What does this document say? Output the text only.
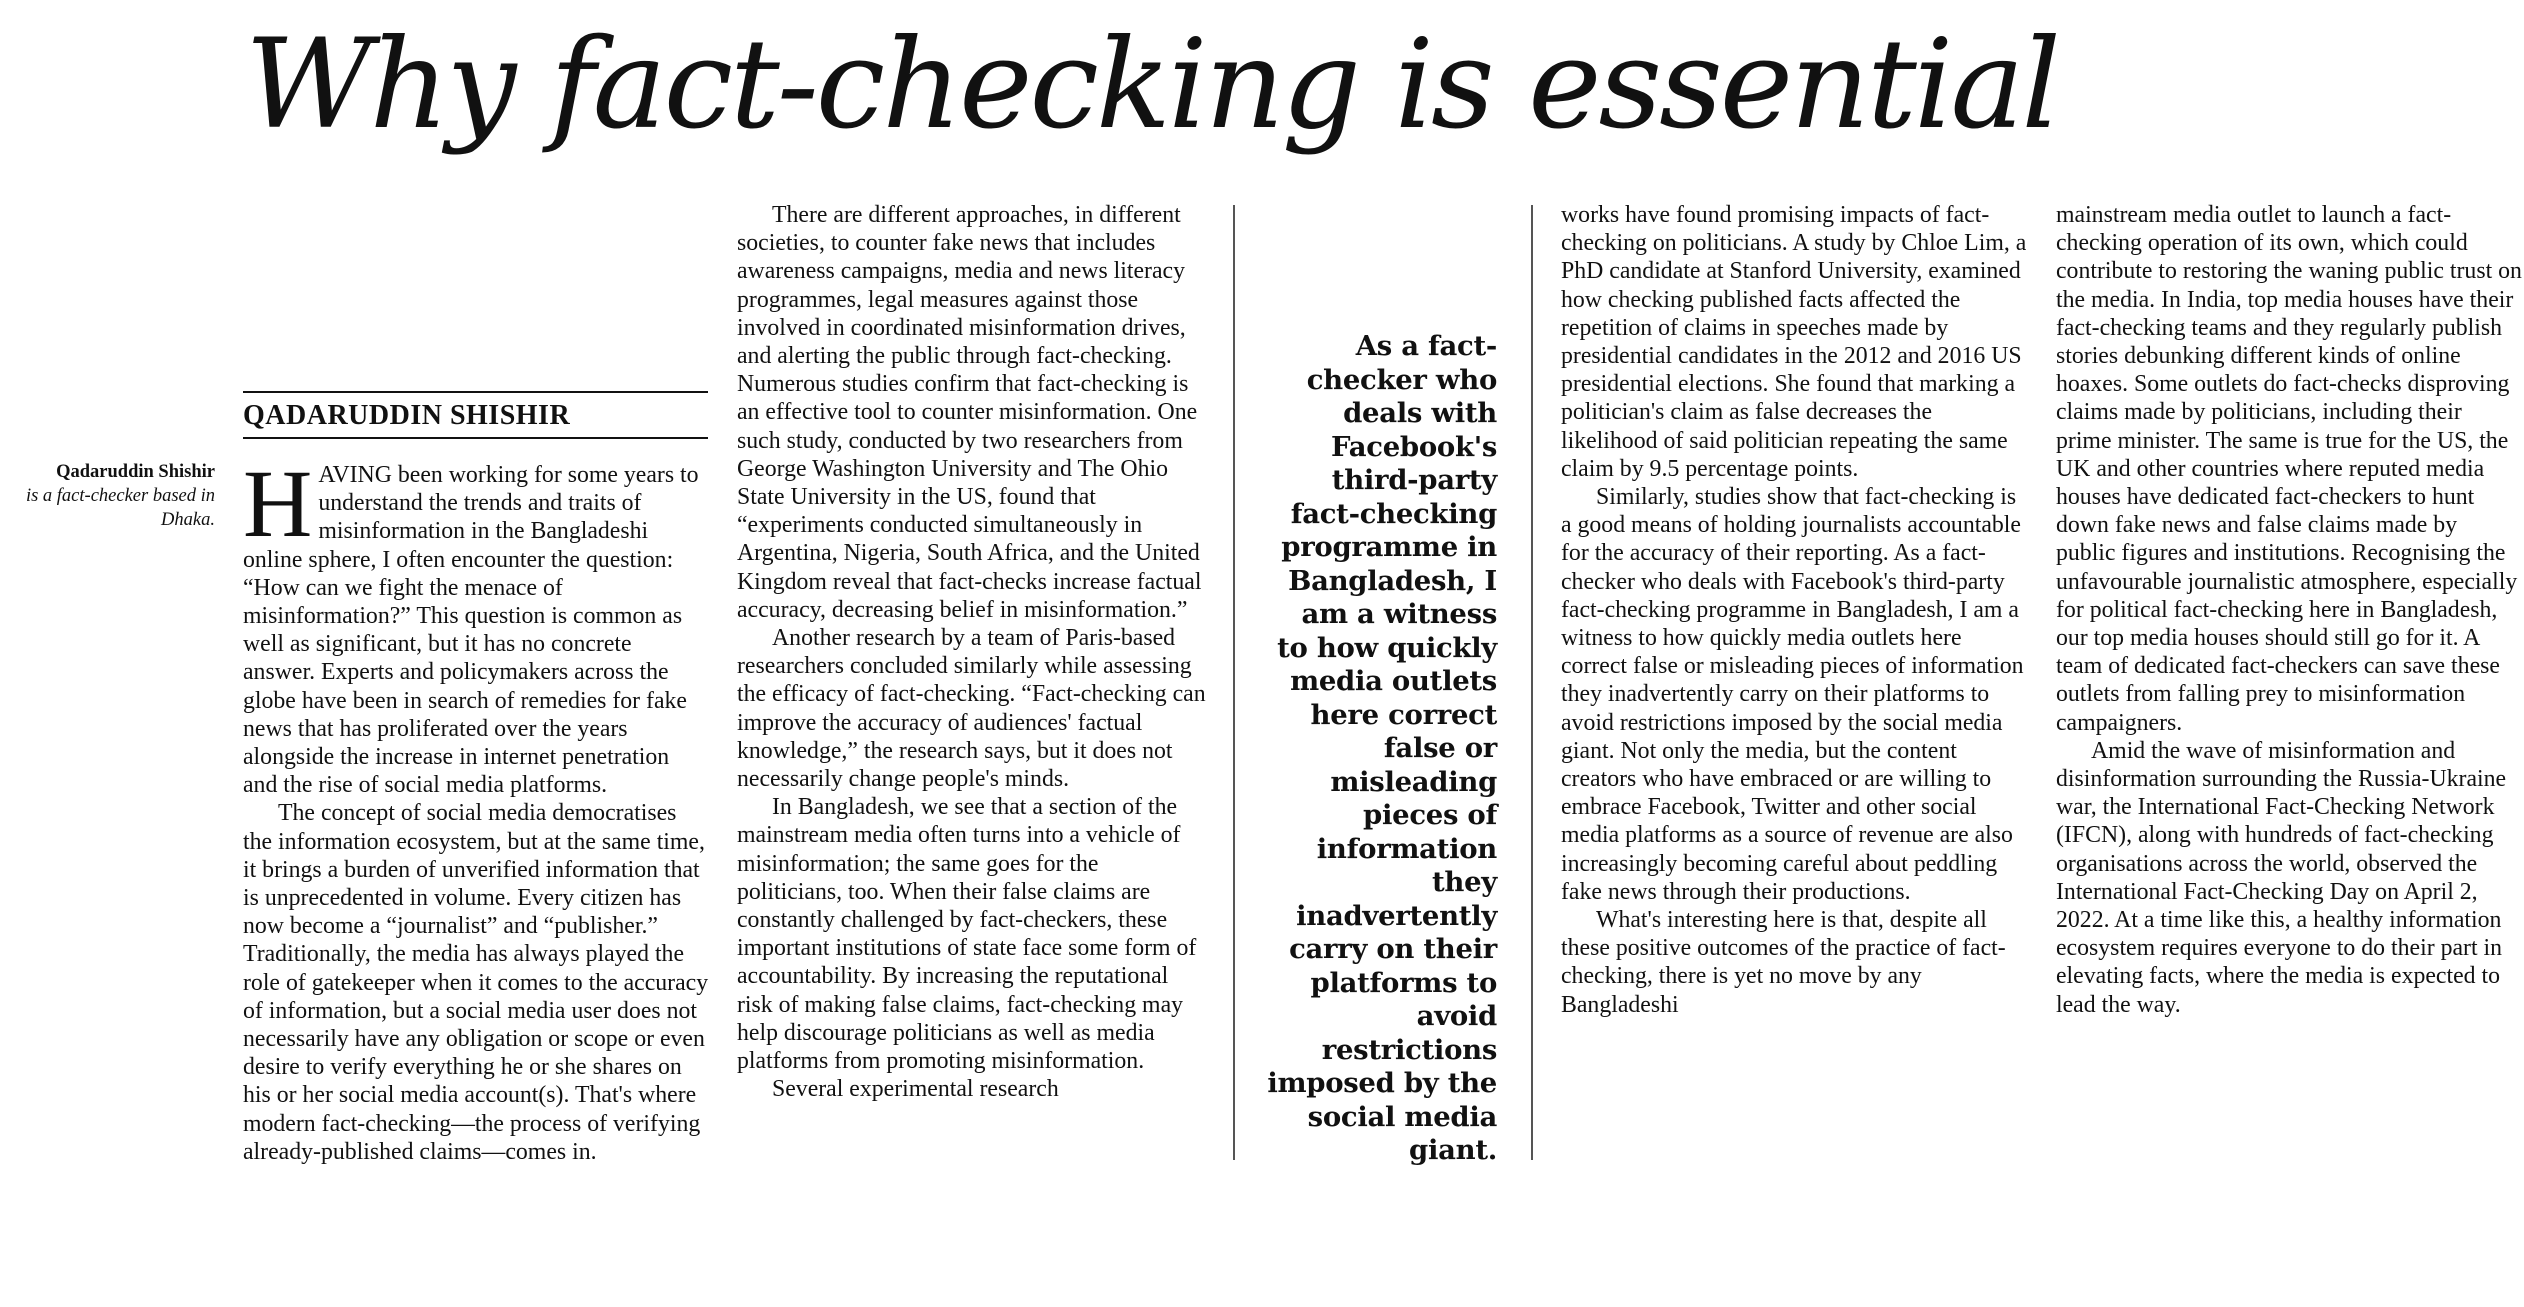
Why fact-checking is essential
QADARUDDIN SHISHIR
Qadaruddin Shishir
is a fact-checker based in Dhaka. HAVING been working for some years to understand the trends and traits of misinformation in the Bangladeshi online sphere, I often encounter the question: “How can we fight the menace of misinformation?” This question is common as well as significant, but it has no concrete answer. Experts and policymakers across the globe have been in search of remedies for fake news that has proliferated over the years alongside the increase in internet penetration and the rise of social media platforms.

The concept of social media democratises the information ecosystem, but at the same time, it brings a burden of unverified information that is unprecedented in volume. Every citizen has now become a “journalist” and “publisher.” Traditionally, the media has always played the role of gatekeeper when it comes to the accuracy of information, but a social media user does not necessarily have any obligation or scope or even desire to verify everything he or she shares on his or her social media account(s). That's where modern fact-checking—the process of verifying already-published claims—comes in.

There are different approaches, in different societies, to counter fake news that includes awareness campaigns, media and news literacy programmes, legal measures against those involved in coordinated misinformation drives, and alerting the public through fact-checking. Numerous studies confirm that fact-checking is an effective tool to counter misinformation. One such study, conducted by two researchers from George Washington University and The Ohio State University in the US, found that “experiments conducted simultaneously in Argentina, Nigeria, South Africa, and the United Kingdom reveal that fact-checks increase factual accuracy, decreasing belief in misinformation.”

Another research by a team of Paris-based researchers concluded similarly while assessing the efficacy of fact-checking. “Fact-checking can improve the accuracy of audiences' factual knowledge,” the research says, but it does not necessarily change people's minds.

In Bangladesh, we see that a section of the mainstream media often turns into a vehicle of misinformation; the same goes for the politicians, too. When their false claims are constantly challenged by fact-checkers, these important institutions of state face some form of accountability. By increasing the reputational risk of making false claims, fact-checking may help discourage politicians as well as media platforms from promoting misinformation.

Several experimental research

As a fact-checker who deals with Facebook's third-party fact-checking programme in Bangladesh, I am a witness to how quickly media outlets here correct false or misleading pieces of information they inadvertently carry on their platforms to avoid restrictions imposed by the social media giant.

works have found promising impacts of fact-checking on politicians. A study by Chloe Lim, a PhD candidate at Stanford University, examined how checking published facts affected the repetition of claims in speeches made by presidential candidates in the 2012 and 2016 US presidential elections. She found that marking a politician's claim as false decreases the likelihood of said politician repeating the same claim by 9.5 percentage points.

Similarly, studies show that fact-checking is a good means of holding journalists accountable for the accuracy of their reporting. As a fact-checker who deals with Facebook's third-party fact-checking programme in Bangladesh, I am a witness to how quickly media outlets here correct false or misleading pieces of information they inadvertently carry on their platforms to avoid restrictions imposed by the social media giant. Not only the media, but the content creators who have embraced or are willing to embrace Facebook, Twitter and other social media platforms as a source of revenue are also increasingly becoming careful about peddling fake news through their productions.

What's interesting here is that, despite all these positive outcomes of the practice of fact-checking, there is yet no move by any Bangladeshi

mainstream media outlet to launch a fact-checking operation of its own, which could contribute to restoring the waning public trust on the media. In India, top media houses have their fact-checking teams and they regularly publish stories debunking different kinds of online hoaxes. Some outlets do fact-checks disproving claims made by politicians, including their prime minister. The same is true for the US, the UK and other countries where reputed media houses have dedicated fact-checkers to hunt down fake news and false claims made by public figures and institutions. Recognising the unfavourable journalistic atmosphere, especially for political fact-checking here in Bangladesh, our top media houses should still go for it. A team of dedicated fact-checkers can save these outlets from falling prey to misinformation campaigners.

Amid the wave of misinformation and disinformation surrounding the Russia-Ukraine war, the International Fact-Checking Network (IFCN), along with hundreds of fact-checking organisations across the world, observed the International Fact-Checking Day on April 2, 2022. At a time like this, a healthy information ecosystem requires everyone to do their part in elevating facts, where the media is expected to lead the way.
